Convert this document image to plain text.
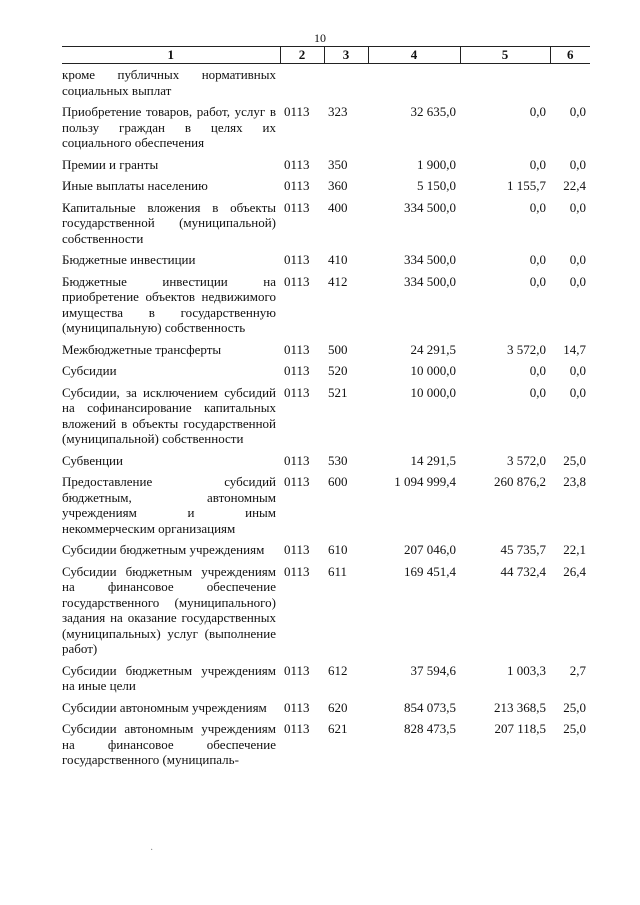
10
1	2	3	4	5	6
кроме публичных нормативных социальных выплат					
Приобретение товаров, работ, услуг в пользу граждан в целях их социального обеспечения	0113	323	32 635,0	0,0	0,0
Премии и гранты	0113	350	1 900,0	0,0	0,0
Иные выплаты населению	0113	360	5 150,0	1 155,7	22,4
Капитальные вложения в объекты государственной (муниципальной) собственности	0113	400	334 500,0	0,0	0,0
Бюджетные инвестиции	0113	410	334 500,0	0,0	0,0
Бюджетные инвестиции на приобретение объектов недвижимого имущества в государственную (муниципальную) собственность	0113	412	334 500,0	0,0	0,0
Межбюджетные трансферты	0113	500	24 291,5	3 572,0	14,7
Субсидии	0113	520	10 000,0	0,0	0,0
Субсидии, за исключением субсидий на софинансирование капитальных вложений в объекты государственной (муниципальной) собственности	0113	521	10 000,0	0,0	0,0
Субвенции	0113	530	14 291,5	3 572,0	25,0
Предоставление субсидий бюджетным, автономным учреждениям и иным некоммерческим организациям	0113	600	1 094 999,4	260 876,2	23,8
Субсидии бюджетным учреждениям	0113	610	207 046,0	45 735,7	22,1
Субсидии бюджетным учреждениям на финансовое обеспечение государственного (муниципального) задания на оказание государственных (муниципальных) услуг (выполнение работ)	0113	611	169 451,4	44 732,4	26,4
Субсидии бюджетным учреждениям на иные цели	0113	612	37 594,6	1 003,3	2,7
Субсидии автономным учреждениям	0113	620	854 073,5	213 368,5	25,0
Субсидии автономным учреждениям на финансовое обеспечение государственного (муниципаль-	0113	621	828 473,5	207 118,5	25,0
·
